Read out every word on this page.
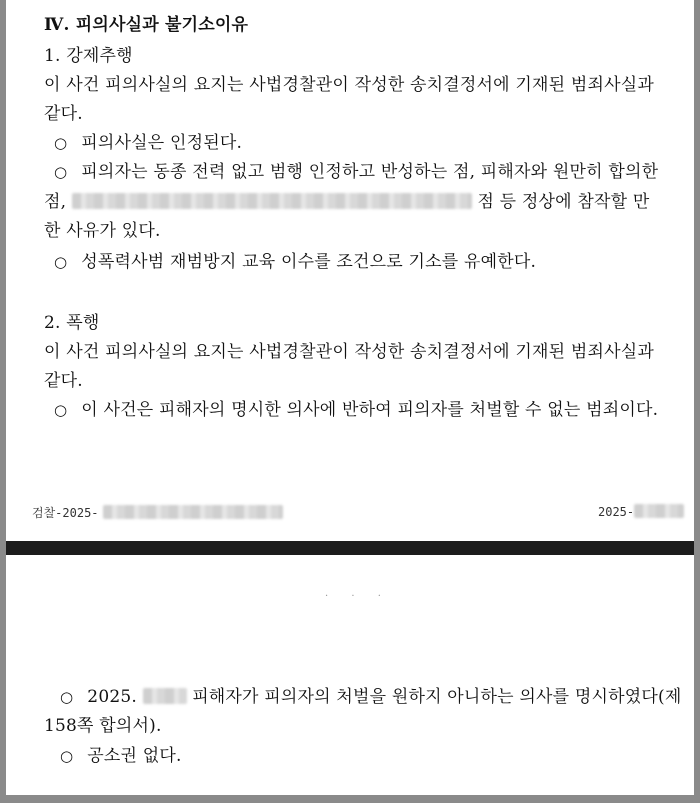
Ⅳ. 피의사실과 불기소이유
1. 강제추행
이 사건 피의사실의 요지는 사법경찰관이 작성한 송치결정서에 기재된 범죄사실과
같다.
○ 피의사실은 인정된다.
○ 피의자는 동종 전력 없고 범행 인정하고 반성하는 점, 피해자와 원만히 합의한
점,	점 등 정상에 참작할 만
한 사유가 있다.
○ 성폭력사범 재범방지 교육 이수를 조건으로 기소를 유예한다.
2. 폭행
이 사건 피의사실의 요지는 사법경찰관이 작성한 송치결정서에 기재된 범죄사실과
같다.
○ 이 사건은 피해자의 명시한 의사에 반하여 피의자를 처벌할 수 없는 범죄이다.
검찰-2025-	2025-
· · ·
○ 2025.	피해자가 피의자의 처벌을 원하지 아니하는 의사를 명시하였다(제
158쪽 합의서).
○ 공소권 없다.
